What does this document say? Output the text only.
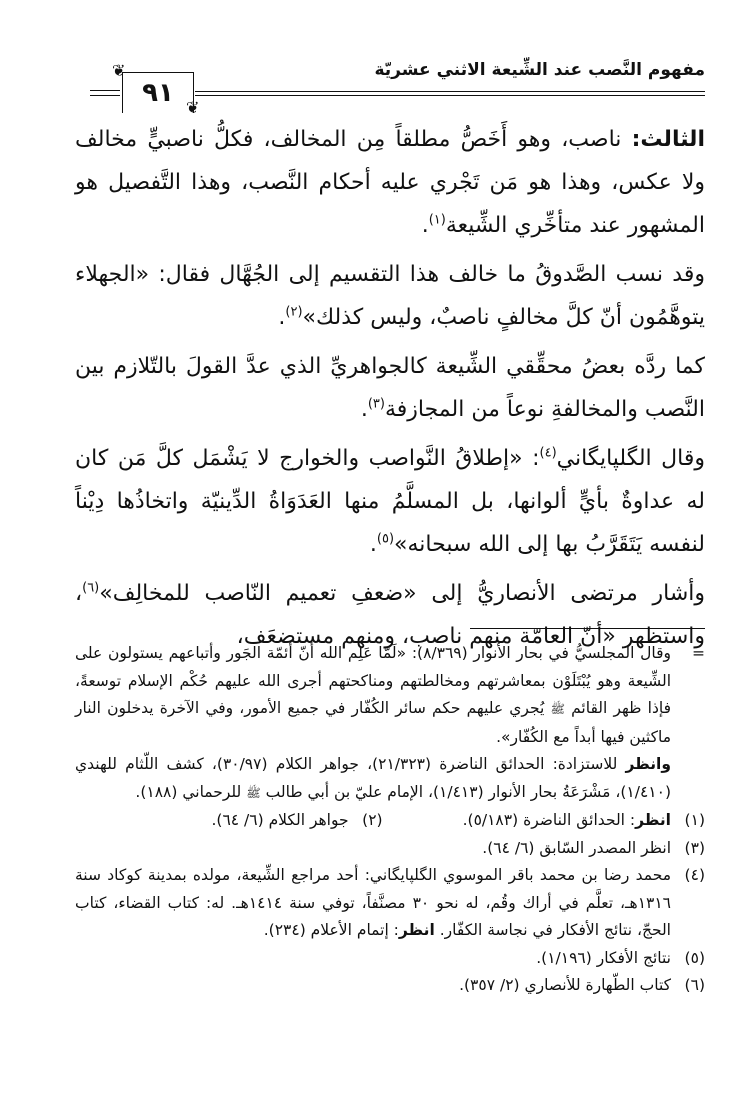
مفهوم النَّصب عند الشِّيعة الاثني عشريّة
❦
٩١ ❦

الثالث: ناصب، وهو أَخَصُّ مطلقاً مِن المخالف، فكلُّ ناصبيٍّ مخالف ولا عكس، وهذا هو مَن تَجْري عليه أحكام النَّصب، وهذا التَّفصيل هو المشهور عند متأخِّري الشِّيعة$^{(١)}$.

وقد نسب الصَّدوقُ ما خالف هذا التقسيم إلى الجُهَّال فقال: «الجهلاء يتوهَّمُون أنّ كلَّ مخالفٍ ناصبٌ، وليس كذلك»$^{(٢)}$.

كما ردَّه بعضُ محقِّقي الشِّيعة كالجواهريِّ الذي عدَّ القولَ بالتّلازم بين النَّصب والمخالفةِ نوعاً من المجازفة$^{(٣)}$.

وقال الگلپايگاني$^{(٤)}$: «إطلاقُ النَّواصب والخوارج لا يَشْمَل كلَّ مَن كان له عداوةٌ بأيٍّ ألوانها، بل المسلَّمُ منها العَدَوَاةُ الدِّينيّة واتخاذُها دِيْناً لنفسه يَتَقَرَّبُ بها إلى الله سبحانه»$^{(٥)}$.

وأشار مرتضى الأنصاريُّ إلى «ضعفِ تعميم النّاصب للمخالِف»$^{(٦)}$، واستظهر «أنّ العامّة منهم ناصب، ومنهم مستضعَف،

=
وقال المجلسيُّ في بحار الأنوار (٨/٣٦٩): «لَمّا عَلِم الله أنّ أئمّة الجَور وأتباعهم يستولون على الشِّيعة وهو يُبْتَلَوْن بمعاشرتهم ومخالطتهم ومناكحتهم أجرى الله عليهم حُكْم الإسلام توسعةً، فإذا ظهر القائم ﷺ يُجري عليهم حكم سائر الكُفّار في جميع الأمور، وفي الآخرة يدخلون النار ماكثين فيها أبداً مع الكُفّار».
وانظر للاستزادة: الحدائق الناضرة (٢١/٣٢٣)، جواهر الكلام (٣٠/٩٧)، كشف اللّثام للهندي (١/٤١٠)، مَشْرَعَةُ بحار الأنوار (١/٤١٣)، الإمام عليّ بن أبي طالب ﷺ للرحماني (١٨٨).
(١)
انظر: الحدائق الناضرة (٥/١٨٣).
(٢)
جواهر الكلام (٦/ ٦٤).
(٣)
انظر المصدر السّابق (٦/ ٦٤).
(٤)
محمد رضا بن محمد باقر الموسوي الگلپايگاني: أحد مراجع الشِّيعة، مولده بمدينة كوكاد سنة ١٣١٦هـ، تعلَّم في أراك وقُم، له نحو ٣٠ مصنَّفاً، توفي سنة ١٤١٤هـ. له: كتاب القضاء، كتاب الحجّ، نتائج الأفكار في نجاسة الكفّار. انظر: إتمام الأعلام (٢٣٤).
(٥)
نتائج الأفكار (١/١٩٦).
(٦)
كتاب الطّهارة للأنصاري (٢/ ٣٥٧).
